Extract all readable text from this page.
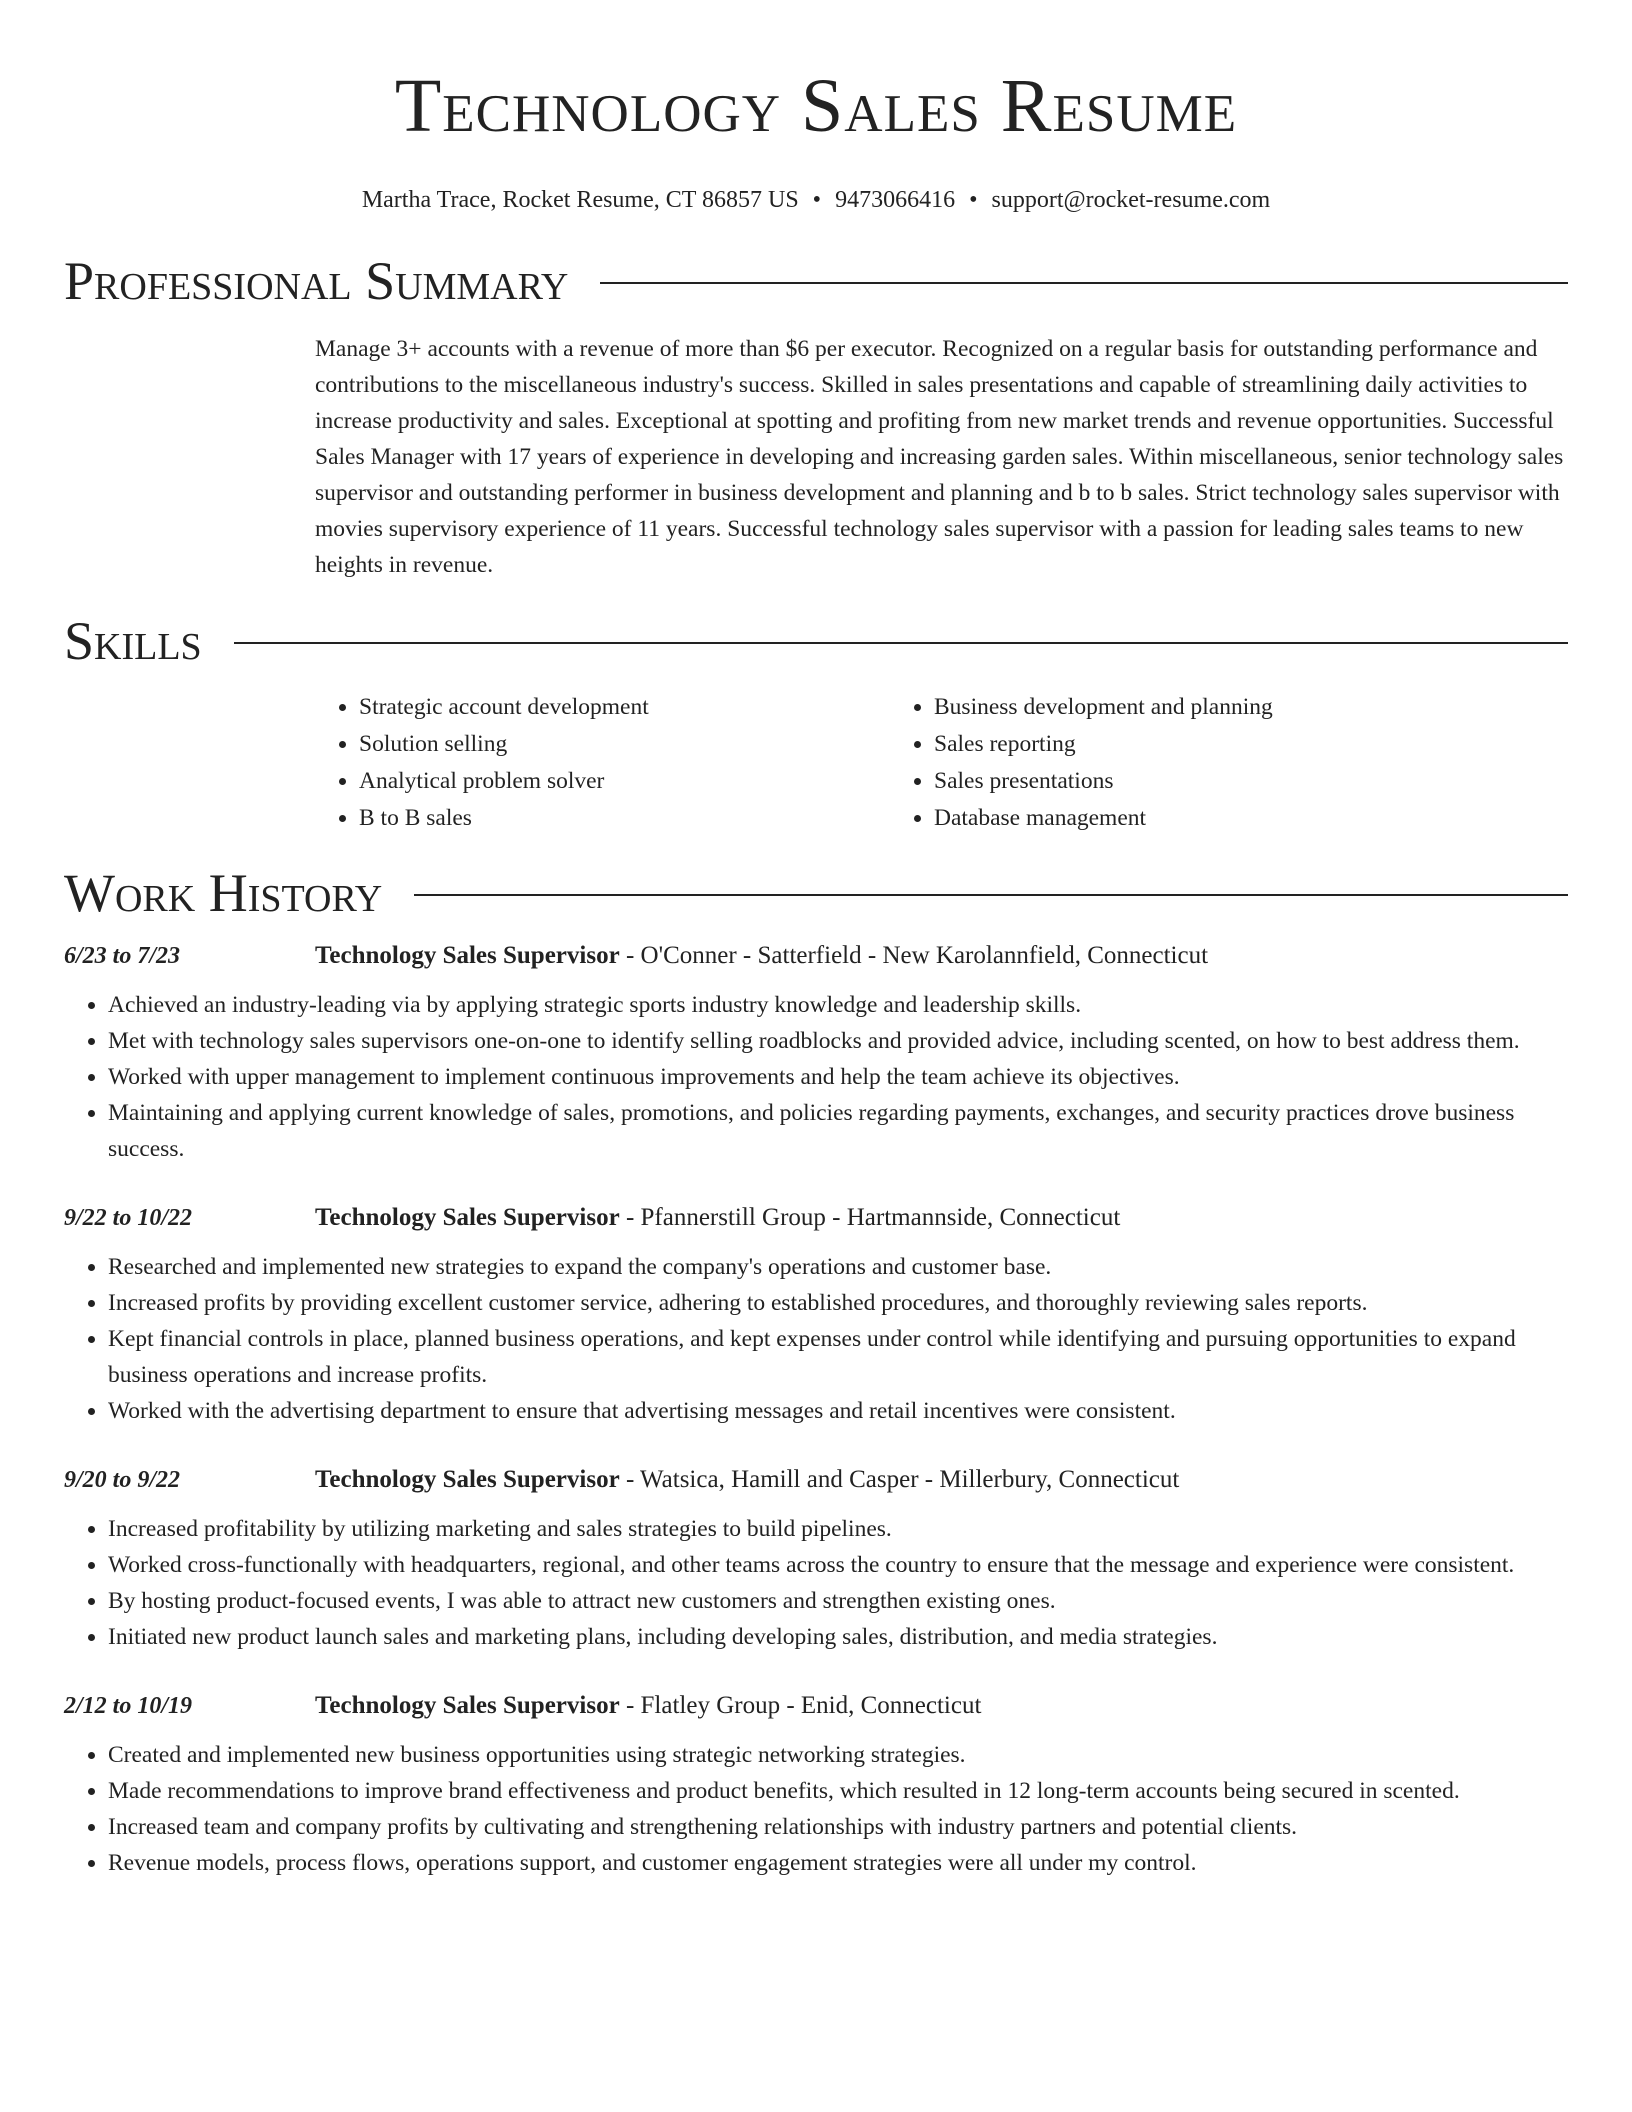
Technology Sales Resume
Martha Trace, Rocket Resume, CT 86857 US • 9473066416 • support@rocket-resume.com
Professional Summary

Manage 3+ accounts with a revenue of more than $6 per executor. Recognized on a regular basis for outstanding performance and contributions to the miscellaneous industry's success. Skilled in sales presentations and capable of streamlining daily activities to increase productivity and sales. Exceptional at spotting and profiting from new market trends and revenue opportunities. Successful Sales Manager with 17 years of experience in developing and increasing garden sales. Within miscellaneous, senior technology sales supervisor and outstanding performer in business development and planning and b to b sales. Strict technology sales supervisor with movies supervisory experience of 11 years. Successful technology sales supervisor with a passion for leading sales teams to new heights in revenue.

Skills
• Strategic account development
• Solution selling
• Analytical problem solver
• B to B sales
• Business development and planning
• Sales reporting
• Sales presentations
• Database management
Work History
6/23 to 7/23	Technology Sales Supervisor - O'Conner - Satterfield - New Karolannfield, Connecticut
• Achieved an industry-leading via by applying strategic sports industry knowledge and leadership skills.
• Met with technology sales supervisors one-on-one to identify selling roadblocks and provided advice, including scented, on how to best address them.
• Worked with upper management to implement continuous improvements and help the team achieve its objectives.
• Maintaining and applying current knowledge of sales, promotions, and policies regarding payments, exchanges, and security practices drove business success.
9/22 to 10/22	Technology Sales Supervisor - Pfannerstill Group - Hartmannside, Connecticut
• Researched and implemented new strategies to expand the company's operations and customer base.
• Increased profits by providing excellent customer service, adhering to established procedures, and thoroughly reviewing sales reports.
• Kept financial controls in place, planned business operations, and kept expenses under control while identifying and pursuing opportunities to expand business operations and increase profits.
• Worked with the advertising department to ensure that advertising messages and retail incentives were consistent.
9/20 to 9/22	Technology Sales Supervisor - Watsica, Hamill and Casper - Millerbury, Connecticut
• Increased profitability by utilizing marketing and sales strategies to build pipelines.
• Worked cross-functionally with headquarters, regional, and other teams across the country to ensure that the message and experience were consistent.
• By hosting product-focused events, I was able to attract new customers and strengthen existing ones.
• Initiated new product launch sales and marketing plans, including developing sales, distribution, and media strategies.
2/12 to 10/19	Technology Sales Supervisor - Flatley Group - Enid, Connecticut
• Created and implemented new business opportunities using strategic networking strategies.
• Made recommendations to improve brand effectiveness and product benefits, which resulted in 12 long-term accounts being secured in scented.
• Increased team and company profits by cultivating and strengthening relationships with industry partners and potential clients.
• Revenue models, process flows, operations support, and customer engagement strategies were all under my control.
